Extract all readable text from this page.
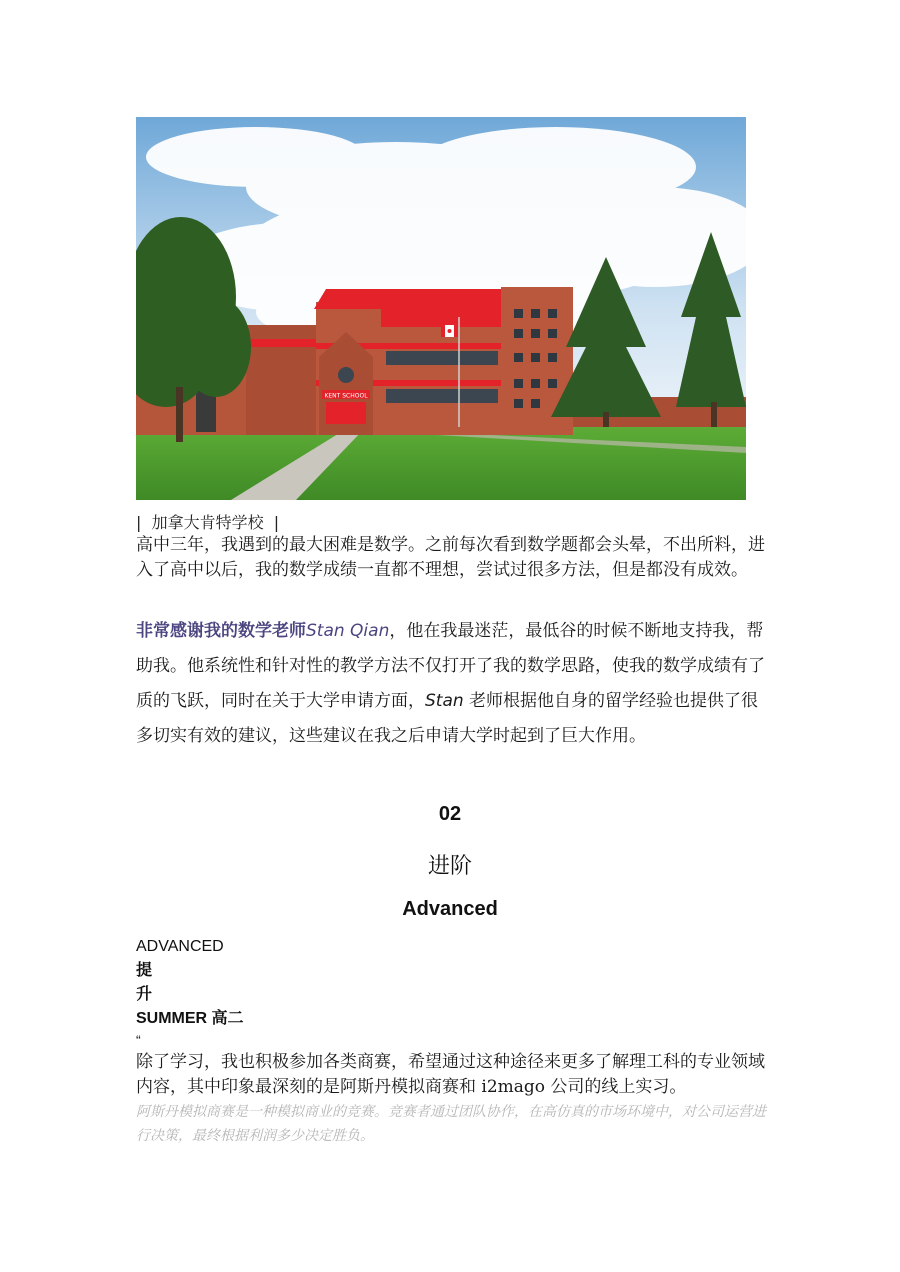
KENT SCHOOL
|  加拿大肯特学校  |
高中三年，我遇到的最大困难是数学。之前每次看到数学题都会头晕，不出所料，进入了高中以后，我的数学成绩一直都不理想，尝试过很多方法，但是都没有成效。
非常感谢我的数学老师Stan Qian，他在我最迷茫，最低谷的时候不断地支持我，帮助我。他系统性和针对性的教学方法不仅打开了我的数学思路，使我的数学成绩有了质的飞跃，同时在关于大学申请方面，Stan 老师根据他自身的留学经验也提供了很多切实有效的建议，这些建议在我之后申请大学时起到了巨大作用。
02
进阶
Advanced
ADVANCED
提
升
SUMMER 高二
“
除了学习，我也积极参加各类商赛，希望通过这种途径来更多了解理工科的专业领域内容，其中印象最深刻的是阿斯丹模拟商赛和 i2mago 公司的线上实习。
阿斯丹模拟商赛是一种模拟商业的竞赛。竞赛者通过团队协作，在高仿真的市场环境中，对公司运营进行决策，最终根据利润多少决定胜负。
